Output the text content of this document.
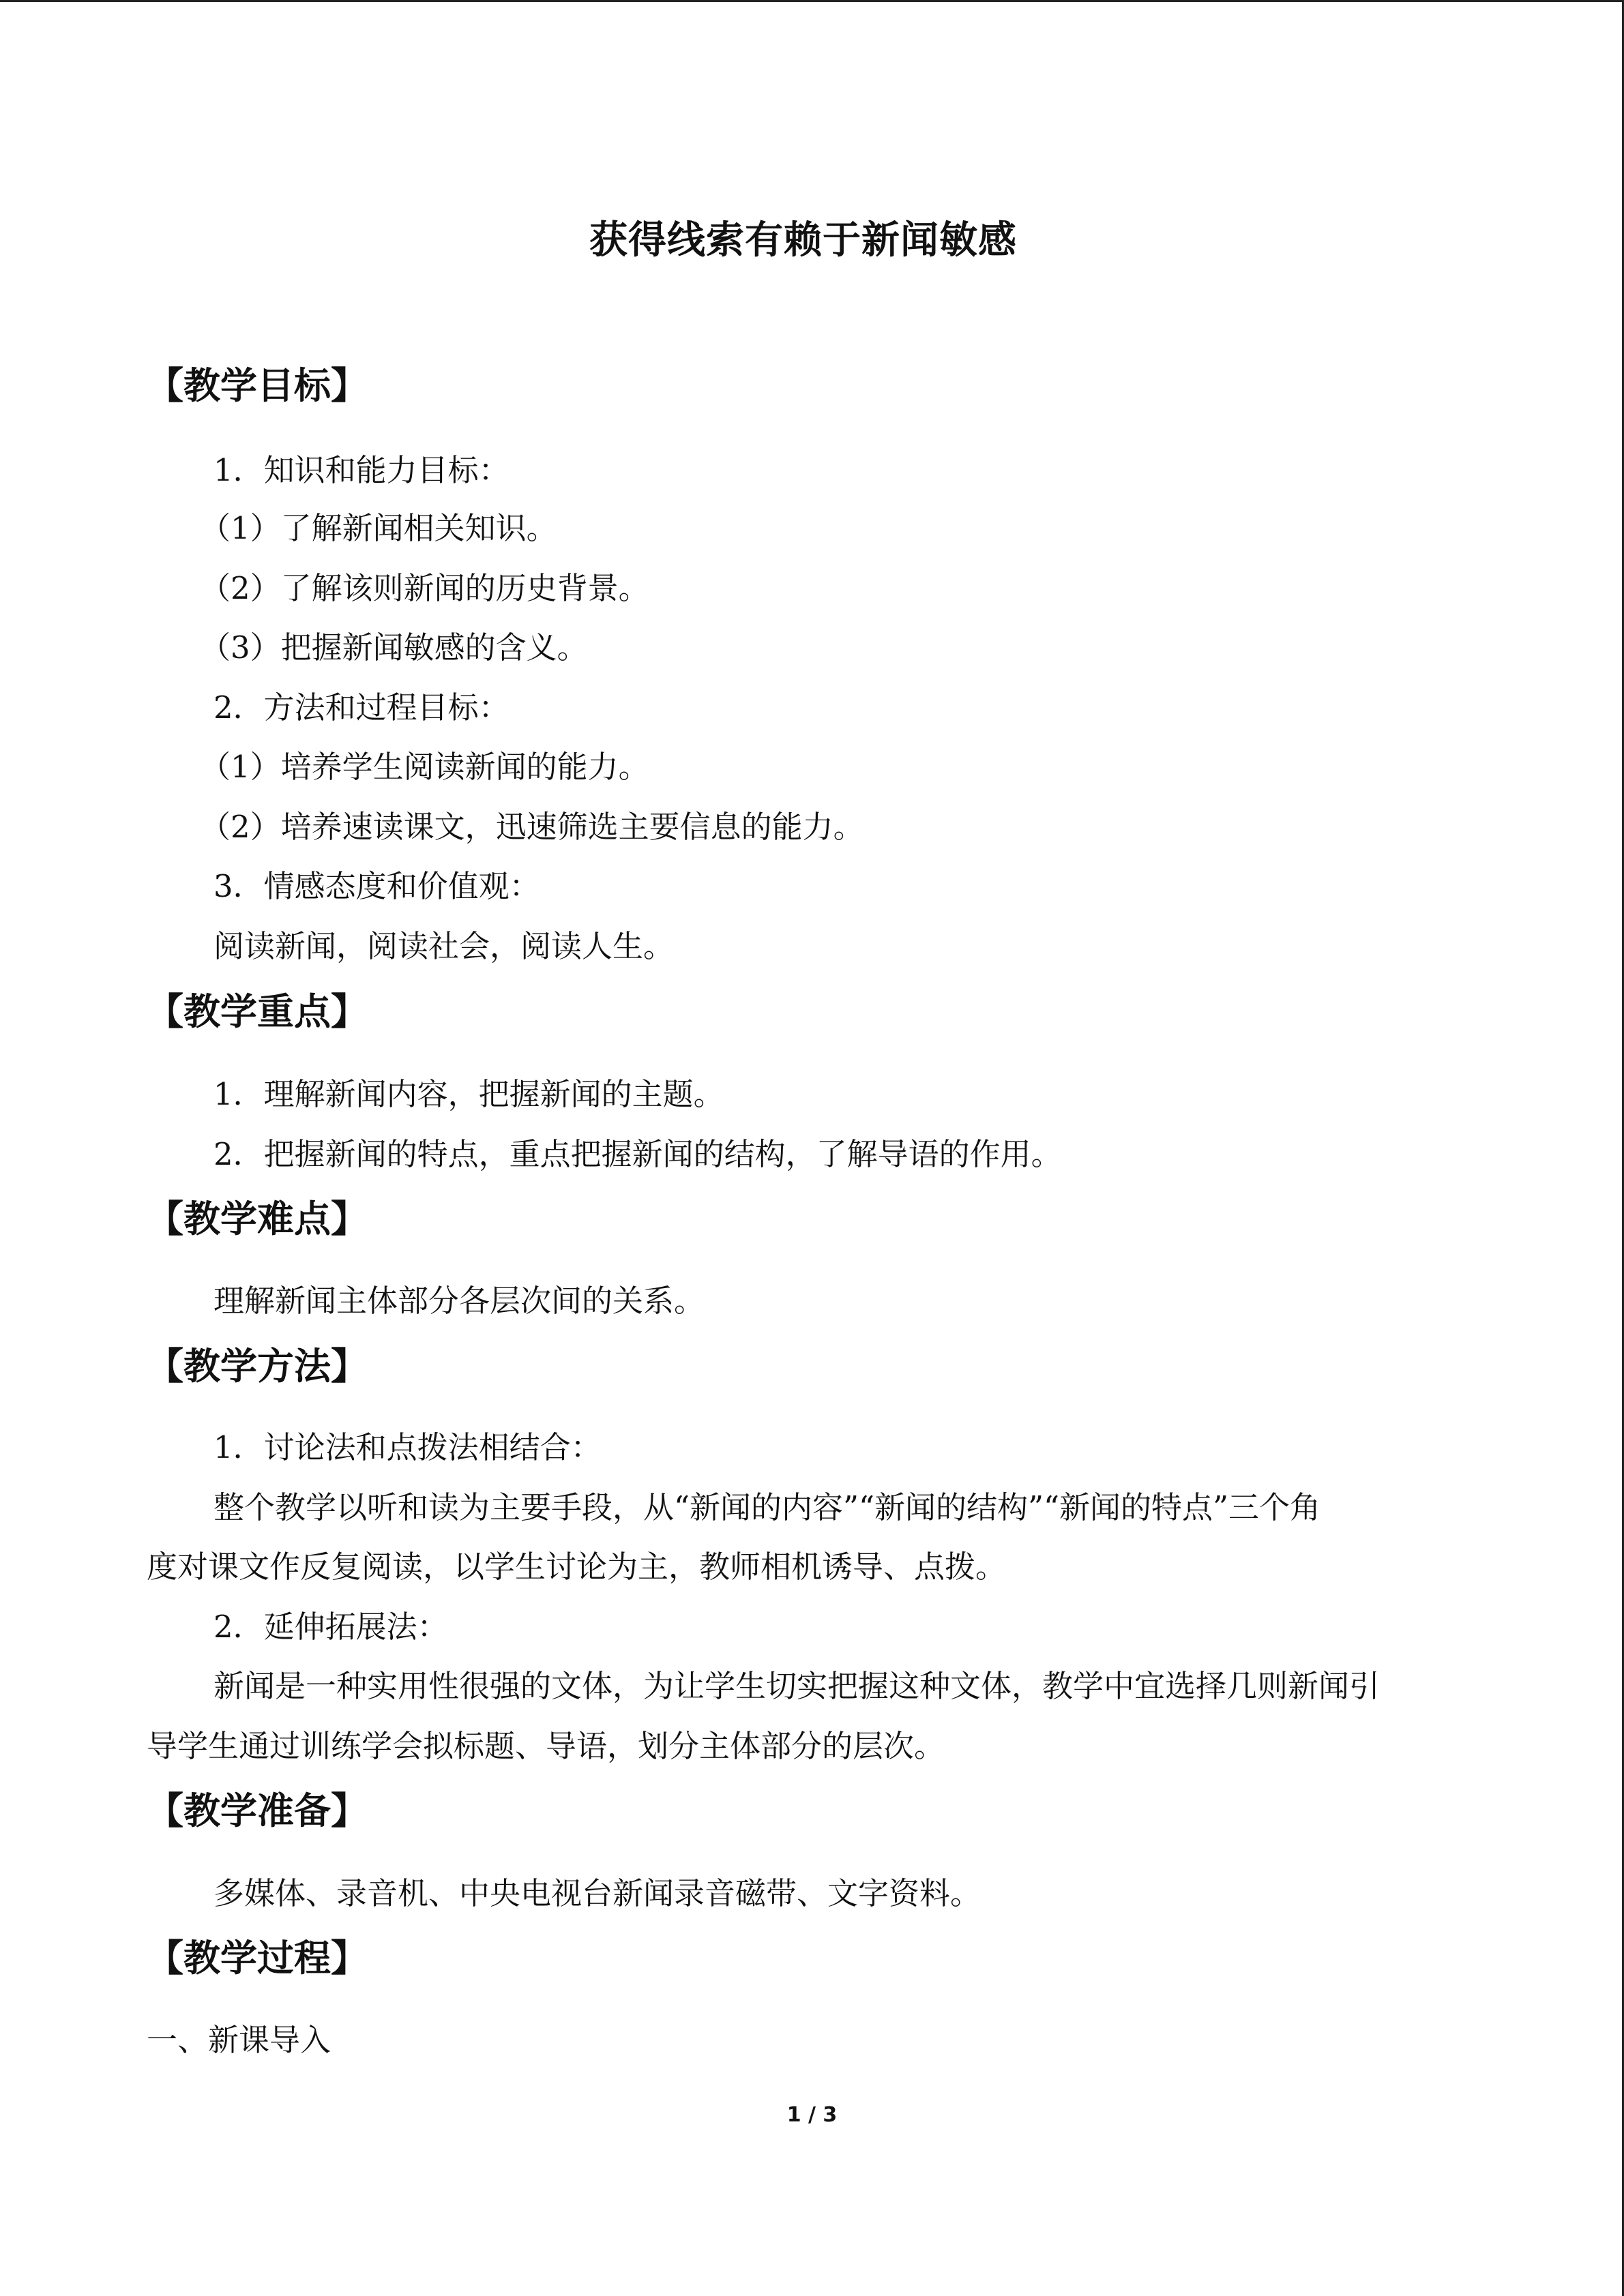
获得线索有赖于新闻敏感
【教学目标】
1．知识和能力目标：
（1）了解新闻相关知识。
（2）了解该则新闻的历史背景。
（3）把握新闻敏感的含义。
2．方法和过程目标：
（1）培养学生阅读新闻的能力。
（2）培养速读课文，迅速筛选主要信息的能力。
3．情感态度和价值观：
阅读新闻，阅读社会，阅读人生。
【教学重点】
1．理解新闻内容，把握新闻的主题。
2．把握新闻的特点，重点把握新闻的结构，了解导语的作用。
【教学难点】
理解新闻主体部分各层次间的关系。
【教学方法】
1．讨论法和点拨法相结合：
整个教学以听和读为主要手段，从“新闻的内容”“新闻的结构”“新闻的特点”三个角
度对课文作反复阅读，以学生讨论为主，教师相机诱导、点拨。
2．延伸拓展法：
新闻是一种实用性很强的文体，为让学生切实把握这种文体，教学中宜选择几则新闻引
导学生通过训练学会拟标题、导语，划分主体部分的层次。
【教学准备】
多媒体、录音机、中央电视台新闻录音磁带、文字资料。
【教学过程】
一、新课导入
1 / 3
